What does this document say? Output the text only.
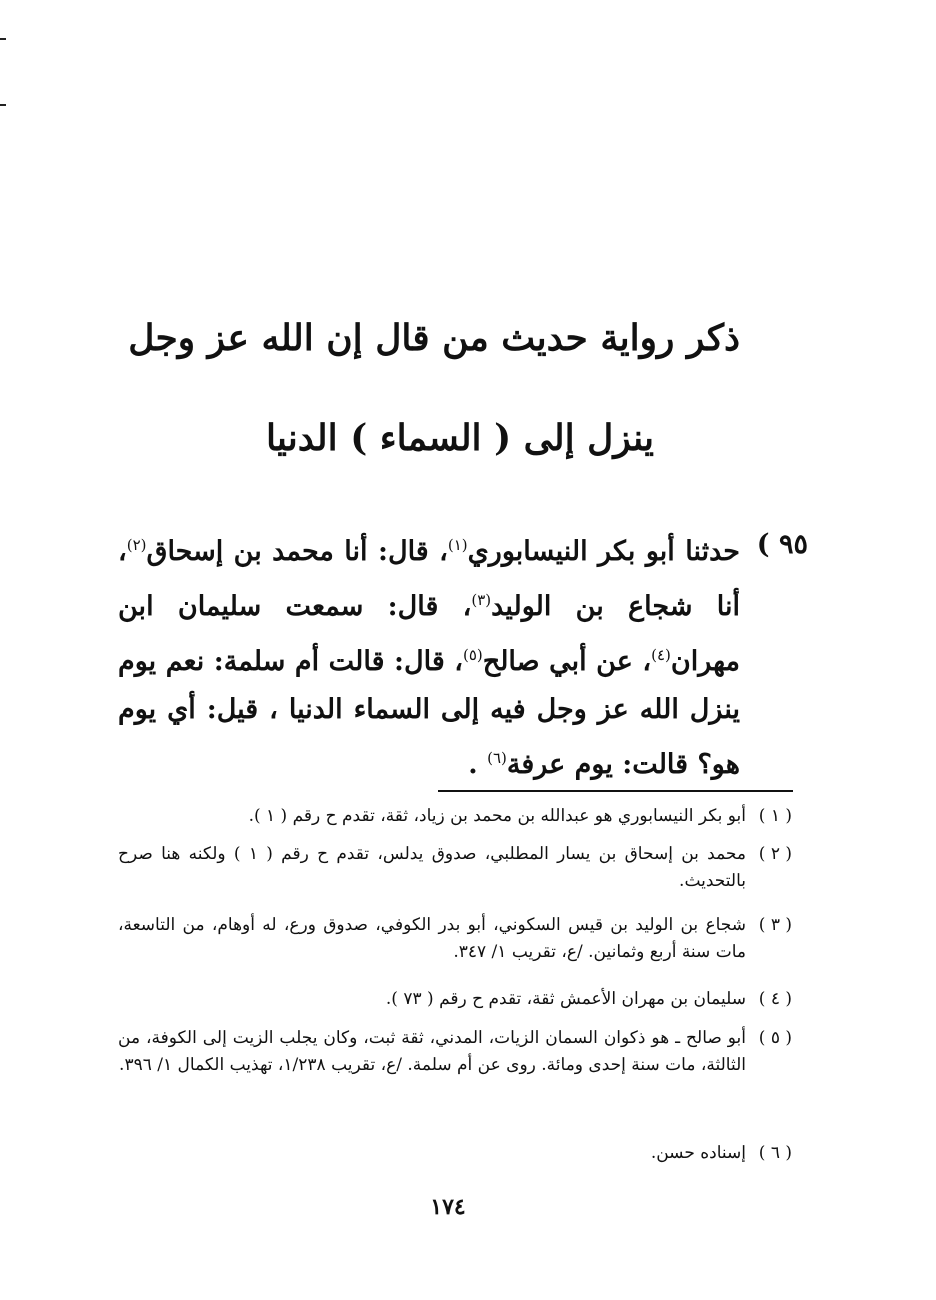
ذكر رواية حديث من قال إن الله عز وجل
ينزل إلى ( السماء ) الدنيا
٩٥ )
حدثنا أبو بكر النيسابوري$^{(١)}$، قال: أنا محمد بن إسحاق$^{(٢)}$، أنا شجاع بن الوليد$^{(٣)}$، قال: سمعت سليمان ابن مهران$^{(٤)}$، عن أبي صالح$^{(٥)}$، قال: قالت أم سلمة: نعم يوم ينزل الله عز وجل فيه إلى السماء الدنيا ، قيل: أي يوم هو؟ قالت: يوم عرفة$^{(٦)}$ .
( ١ )
أبو بكر النيسابوري هو عبدالله بن محمد بن زياد، ثقة، تقدم ح رقم ( ١ ).
( ٢ )
محمد بن إسحاق بن يسار المطلبي، صدوق يدلس، تقدم ح رقم ( ١ ) ولكنه هنا صرح بالتحديث.
( ٣ )
شجاع بن الوليد بن قيس السكوني، أبو بدر الكوفي، صدوق ورع، له أوهام، من التاسعة، مات سنة أربع وثمانين. /ع، تقريب ١/ ٣٤٧.
( ٤ )
سليمان بن مهران الأعمش ثقة، تقدم ح رقم ( ٧٣ ).
( ٥ )
أبو صالح ـ هو ذكوان السمان الزيات، المدني، ثقة ثبت، وكان يجلب الزيت إلى الكوفة، من الثالثة، مات سنة إحدى ومائة. روى عن أم سلمة. /ع، تقريب ١/٢٣٨، تهذيب الكمال ١/ ٣٩٦.
( ٦ )
إسناده حسن.
١٧٤
